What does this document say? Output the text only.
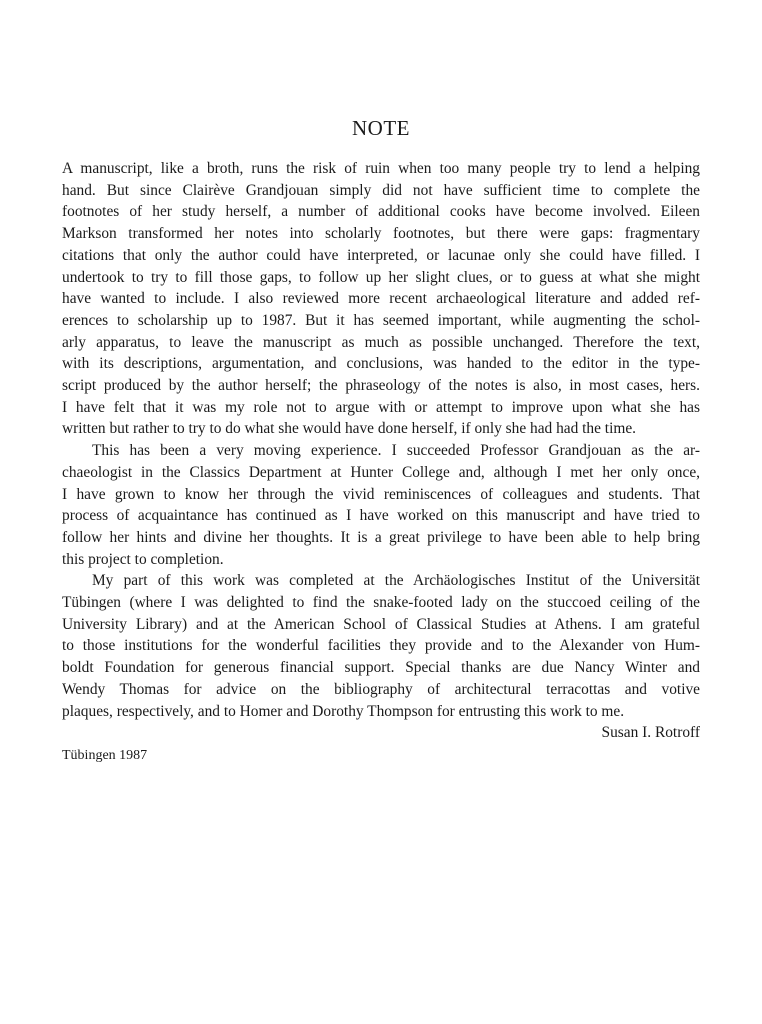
NOTE
A manuscript, like a broth, runs the risk of ruin when too many people try to lend a helping
hand. But since Clairève Grandjouan simply did not have sufficient time to complete the
footnotes of her study herself, a number of additional cooks have become involved. Eileen
Markson transformed her notes into scholarly footnotes, but there were gaps: fragmentary
citations that only the author could have interpreted, or lacunae only she could have filled. I
undertook to try to fill those gaps, to follow up her slight clues, or to guess at what she might
have wanted to include. I also reviewed more recent archaeological literature and added ref-
erences to scholarship up to 1987. But it has seemed important, while augmenting the schol-
arly apparatus, to leave the manuscript as much as possible unchanged. Therefore the text,
with its descriptions, argumentation, and conclusions, was handed to the editor in the type-
script produced by the author herself; the phraseology of the notes is also, in most cases, hers.
I have felt that it was my role not to argue with or attempt to improve upon what she has
written but rather to try to do what she would have done herself, if only she had had the time.
This has been a very moving experience. I succeeded Professor Grandjouan as the ar-
chaeologist in the Classics Department at Hunter College and, although I met her only once,
I have grown to know her through the vivid reminiscences of colleagues and students. That
process of acquaintance has continued as I have worked on this manuscript and have tried to
follow her hints and divine her thoughts. It is a great privilege to have been able to help bring
this project to completion.
My part of this work was completed at the Archäologisches Institut of the Universität
Tübingen (where I was delighted to find the snake-footed lady on the stuccoed ceiling of the
University Library) and at the American School of Classical Studies at Athens. I am grateful
to those institutions for the wonderful facilities they provide and to the Alexander von Hum-
boldt Foundation for generous financial support. Special thanks are due Nancy Winter and
Wendy Thomas for advice on the bibliography of architectural terracottas and votive
plaques, respectively, and to Homer and Dorothy Thompson for entrusting this work to me.
Susan I. Rotroff
Tübingen 1987
